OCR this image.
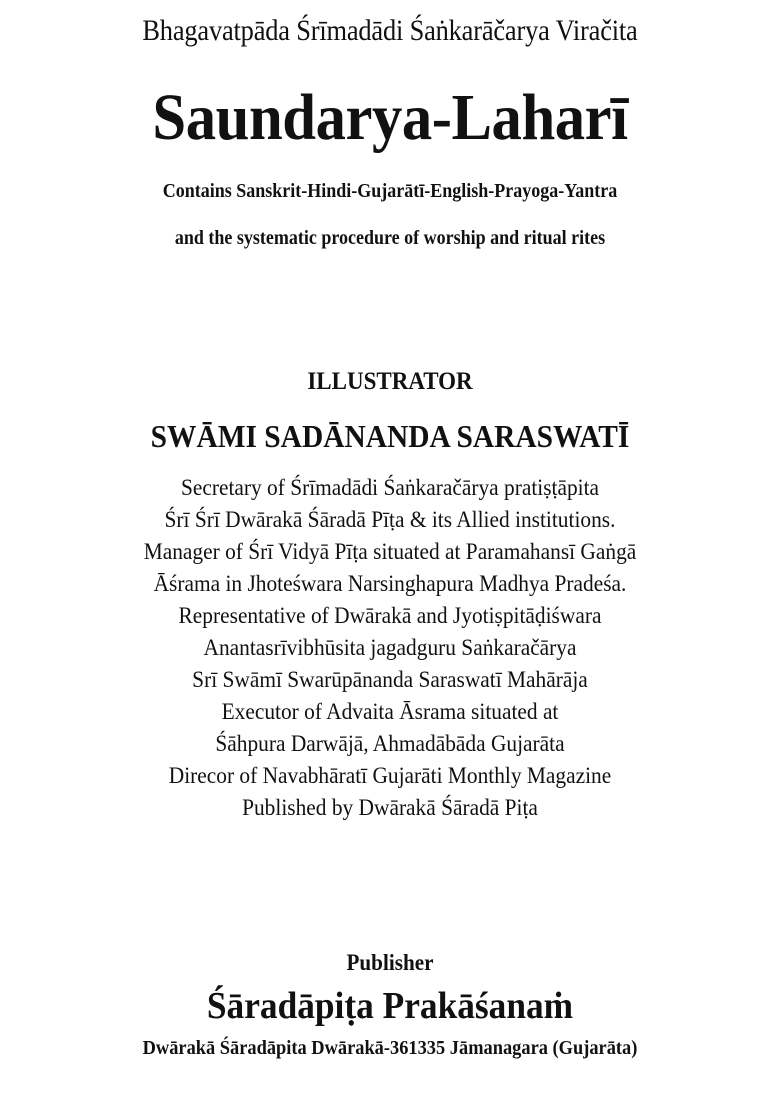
Bhagavatpāda Śrīmadādi Śaṅkarāčarya Viračita
Saundarya-Laharī
Contains Sanskrit-Hindi-Gujarātī-English-Prayoga-Yantra
and the systematic procedure of worship and ritual rites
ILLUSTRATOR
SWĀMI SADĀNANDA SARASWATĪ
Secretary of Śrīmadādi Śaṅkaračārya pratiṣṭāpita
Śrī Śrī Dwārakā Śāradā Pīṭa & its Allied institutions.
Manager of Śrī Vidyā Pīṭa situated at Paramahansī Gaṅgā
Āśrama in Jhoteśwara Narsinghapura Madhya Pradeśa.
Representative of Dwārakā and Jyotiṣpitāḍiśwara
Anantasrīvibhūsita jagadguru Saṅkaračārya
Srī Swāmī Swarūpānanda Saraswatī Mahārāja
Executor of Advaita Āsrama situated at
Śāhpura Darwājā, Ahmadābāda Gujarāta
Direcor of Navabhāratī Gujarāti Monthly Magazine
Published by Dwārakā Śāradā Piṭa
Publisher
Śāradāpiṭa Prakāśanaṁ
Dwārakā Śāradāpita Dwārakā-361335 Jāmanagara (Gujarāta)
